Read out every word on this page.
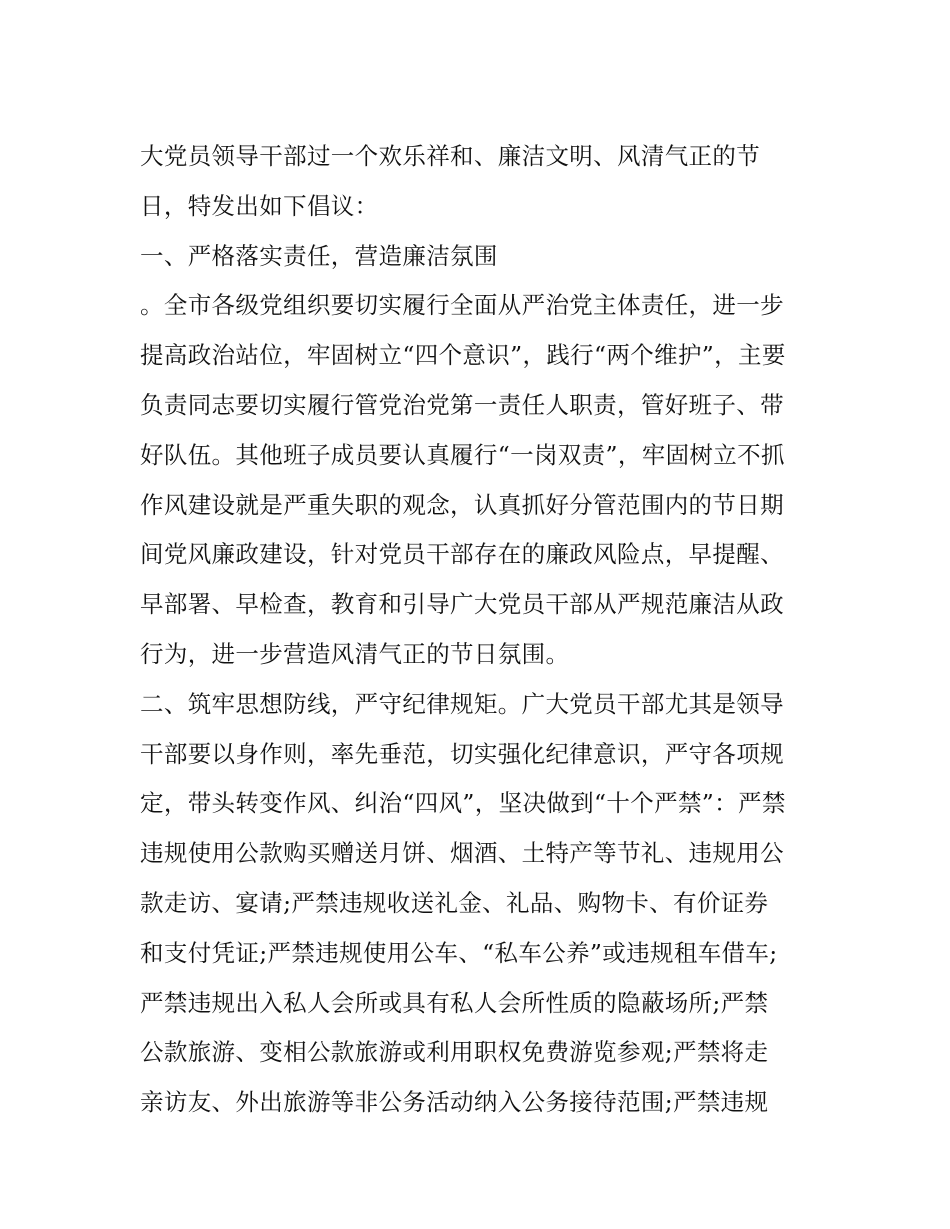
大党员领导干部过一个欢乐祥和、廉洁文明、风清气正的节
日，特发出如下倡议：
一、严格落实责任，营造廉洁氛围
。全市各级党组织要切实履行全面从严治党主体责任，进一步
提高政治站位，牢固树立“四个意识”，践行“两个维护”，主要
负责同志要切实履行管党治党第一责任人职责，管好班子、带
好队伍。其他班子成员要认真履行“一岗双责”，牢固树立不抓
作风建设就是严重失职的观念，认真抓好分管范围内的节日期
间党风廉政建设，针对党员干部存在的廉政风险点，早提醒、
早部署、早检查，教育和引导广大党员干部从严规范廉洁从政
行为，进一步营造风清气正的节日氛围。
二、筑牢思想防线，严守纪律规矩。广大党员干部尤其是领导
干部要以身作则，率先垂范，切实强化纪律意识，严守各项规
定，带头转变作风、纠治“四风”，坚决做到“十个严禁”：严禁
违规使用公款购买赠送月饼、烟酒、土特产等节礼、违规用公
款走访、宴请;严禁违规收送礼金、礼品、购物卡、有价证券
和支付凭证;严禁违规使用公车、“私车公养”或违规租车借车;
严禁违规出入私人会所或具有私人会所性质的隐蔽场所;严禁
公款旅游、变相公款旅游或利用职权免费游览参观;严禁将走
亲访友、外出旅游等非公务活动纳入公务接待范围;严禁违规
